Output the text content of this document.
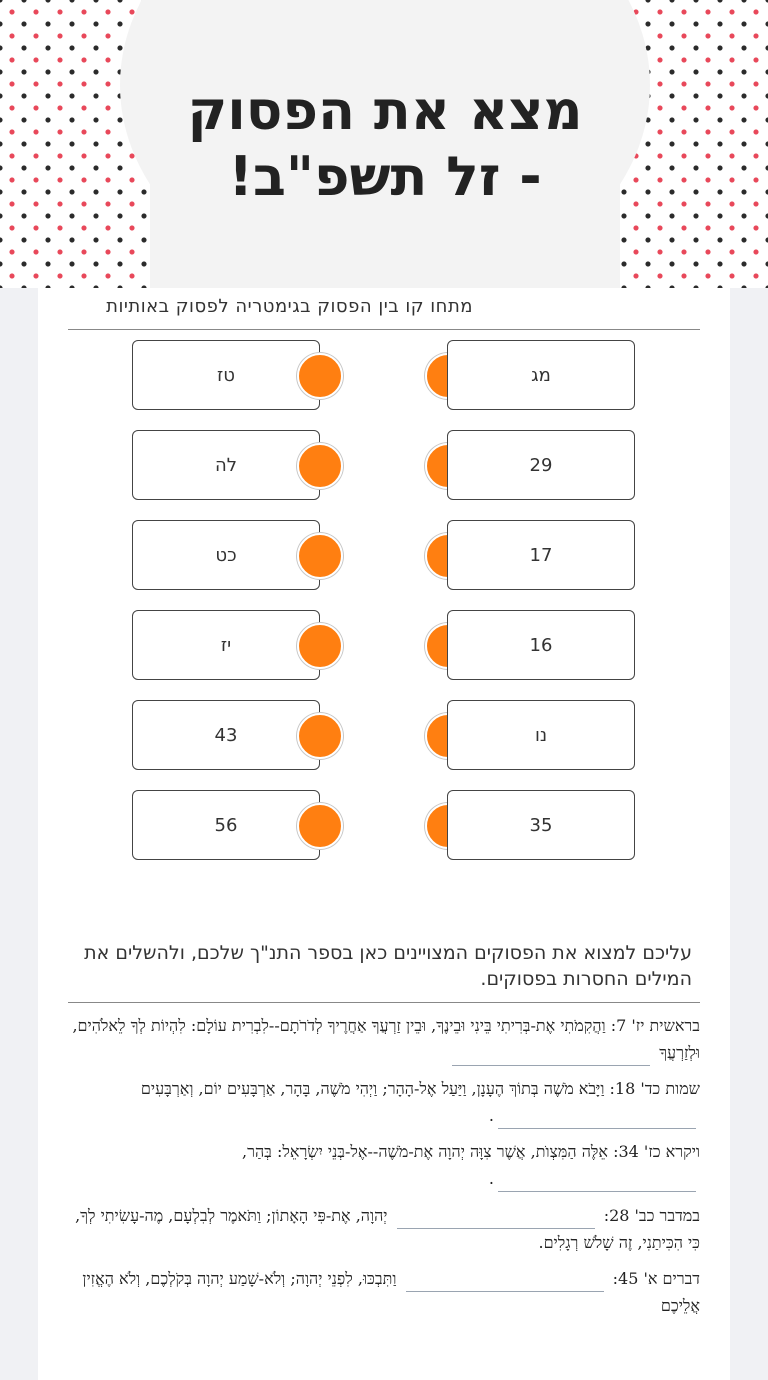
מצא את הפסוק
- זל תשפ"ב!
מתחו קו בין הפסוק בגימטריה לפסוק באותיות
טז	מג
לה	29
כט	17
יז	16
43	נו
56	35
עליכם למצוא את הפסוקים המצויינים כאן בספר התנ"ך שלכם, ולהשלים את המילים החסרות בפסוקים.
בראשית יז' 7: וַהֲקִמֹתִי אֶת-בְּרִיתִי בֵּינִי וּבֵינֶךָ, וּבֵין זַרְעֲךָ אַחֲרֶיךָ לְדֹרֹתָם--לִבְרִית עוֹלָם: לִהְיוֹת לְךָ לֵאלֹהִים, וּלְזַרְעֲךָ
שמות כד' 18: וַיָּבֹא מֹשֶׁה בְּתוֹךְ הֶעָנָן, וַיַּעַל אֶל-הָהָר; וַיְהִי מֹשֶׁה, בָּהָר, אַרְבָּעִים יוֹם, וְאַרְבָּעִים .
ויקרא כז' 34: אֵלֶּה הַמִּצְוֺת, אֲשֶׁר צִוָּה יְהוָה אֶת-מֹשֶׁה--אֶל-בְּנֵי יִשְׂרָאֵל: בְּהַר, .
במדבר כב' 28:  יְהוָה, אֶת-פִּי הָאָתוֹן; וַתֹּאמֶר לְבִלְעָם, מֶה-עָשִׂיתִי לְךָ, כִּי הִכִּיתַנִי, זֶה שָׁלֹשׁ רְגָלִים.
דברים א' 45:  וַתִּבְכּוּ, לִפְנֵי יְהוָה; וְלֹא-שָׁמַע יְהוָה בְּקֹלְכֶם, וְלֹא הֶאֱזִין אֲלֵיכֶם
